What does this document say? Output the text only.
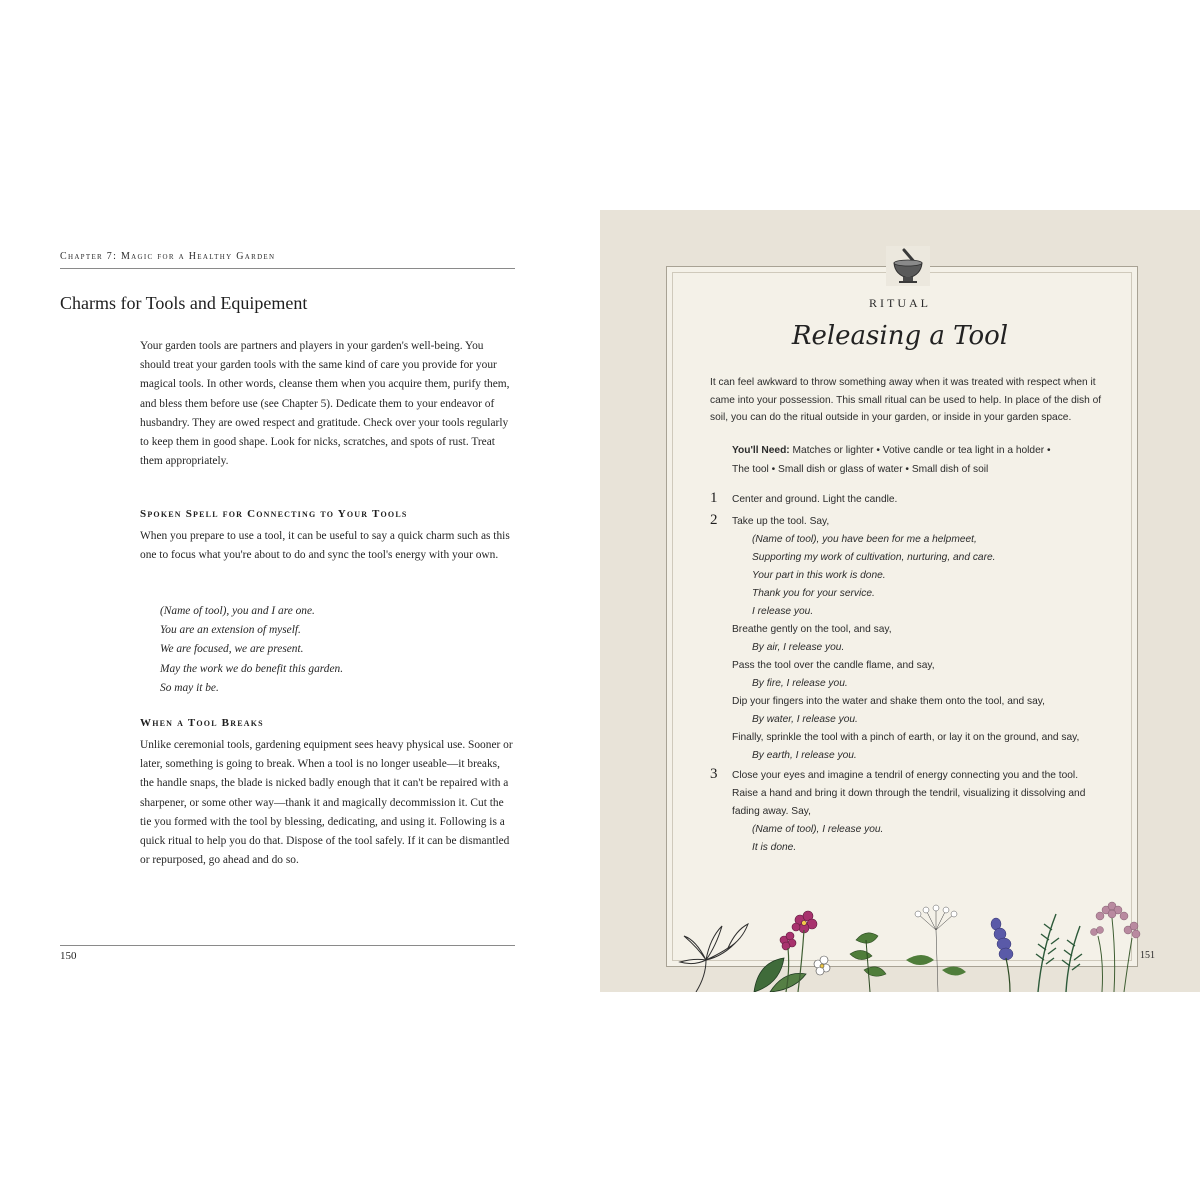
Chapter 7: Magic for a Healthy Garden
Charms for Tools and Equipement

Your garden tools are partners and players in your garden's well-being. You should treat your garden tools with the same kind of care you provide for your magical tools. In other words, cleanse them when you acquire them, purify them, and bless them before use (see Chapter 5). Dedicate them to your endeavor of husbandry. They are owed respect and gratitude. Check over your tools regularly to keep them in good shape. Look for nicks, scratches, and spots of rust. Treat them appropriately.

Spoken Spell for Connecting to Your Tools

When you prepare to use a tool, it can be useful to say a quick charm such as this one to focus what you're about to do and sync the tool's energy with your own.

(Name of tool), you and I are one.
You are an extension of myself.
We are focused, we are present.
May the work we do benefit this garden.
So may it be.
When a Tool Breaks

Unlike ceremonial tools, gardening equipment sees heavy physical use. Sooner or later, something is going to break. When a tool is no longer useable—it breaks, the handle snaps, the blade is nicked badly enough that it can't be repaired with a sharpener, or some other way—thank it and magically decommission it. Cut the tie you formed with the tool by blessing, dedicating, and using it. Following is a quick ritual to help you do that. Dispose of the tool safely. If it can be dismantled or repurposed, go ahead and do so.

150
RITUAL
Releasing a Tool
It can feel awkward to throw something away when it was treated with respect when it came into your possession. This small ritual can be used to help. In place of the dish of soil, you can do the ritual outside in your garden, or inside in your garden space.
You'll Need: Matches or lighter • Votive candle or tea light in a holder •
The tool • Small dish or glass of water • Small dish of soil
1 Center and ground. Light the candle.
2 Take up the tool. Say,
(Name of tool), you have been for me a helpmeet,
Supporting my work of cultivation, nurturing, and care.
Your part in this work is done.
Thank you for your service.
I release you.
Breathe gently on the tool, and say,
By air, I release you.
Pass the tool over the candle flame, and say,
By fire, I release you.
Dip your fingers into the water and shake them onto the tool, and say,
By water, I release you.
Finally, sprinkle the tool with a pinch of earth, or lay it on the ground, and say,
By earth, I release you.
3 Close your eyes and imagine a tendril of energy connecting you and the tool.
Raise a hand and bring it down through the tendril, visualizing it dissolving and
fading away. Say,
(Name of tool), I release you.
It is done.
151
